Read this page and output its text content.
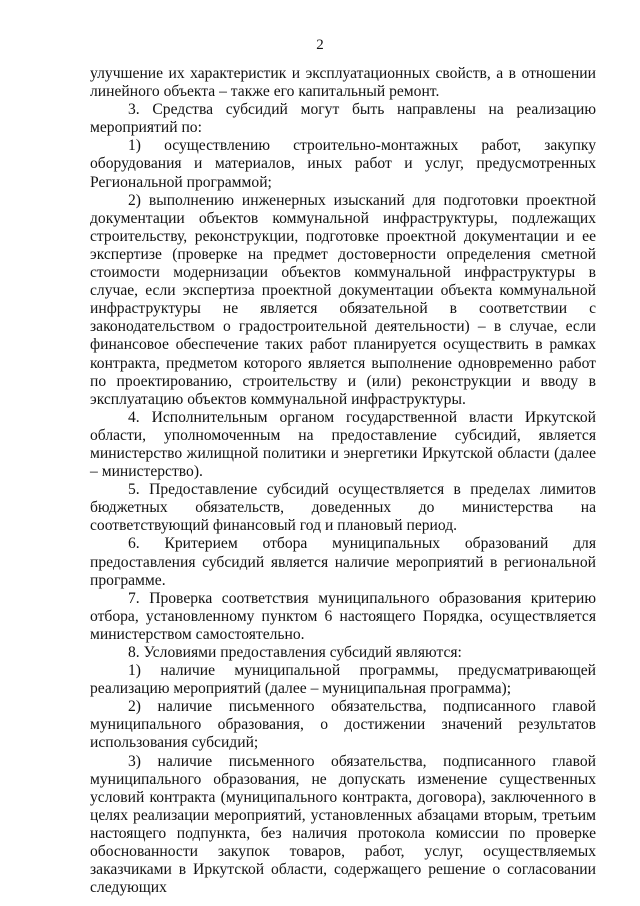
2

улучшение их характеристик и эксплуатационных свойств, а в отношении линейного объекта – также его капитальный ремонт.

3. Средства субсидий могут быть направлены на реализацию мероприятий по:

1) осуществлению строительно-монтажных работ, закупку оборудования и материалов, иных работ и услуг, предусмотренных Региональной программой;

2) выполнению инженерных изысканий для подготовки проектной документации объектов коммунальной инфраструктуры, подлежащих строительству, реконструкции, подготовке проектной документации и ее экспертизе (проверке на предмет достоверности определения сметной стоимости модернизации объектов коммунальной инфраструктуры в случае, если экспертиза проектной документации объекта коммунальной инфраструктуры не является обязательной в соответствии с законодательством о градостроительной деятельности) – в случае, если финансовое обеспечение таких работ планируется осуществить в рамках контракта, предметом которого является выполнение одновременно работ по проектированию, строительству и (или) реконструкции и вводу в эксплуатацию объектов коммунальной инфраструктуры.

4. Исполнительным органом государственной власти Иркутской области, уполномоченным на предоставление субсидий, является министерство жилищной политики и энергетики Иркутской области (далее – министерство).

5. Предоставление субсидий осуществляется в пределах лимитов бюджетных обязательств, доведенных до министерства на соответствующий финансовый год и плановый период.

6. Критерием отбора муниципальных образований для предоставления субсидий является наличие мероприятий в региональной программе.

7. Проверка соответствия муниципального образования критерию отбора, установленному пунктом 6 настоящего Порядка, осуществляется министерством самостоятельно.

8. Условиями предоставления субсидий являются:

1) наличие муниципальной программы, предусматривающей реализацию мероприятий (далее – муниципальная программа);

2) наличие письменного обязательства, подписанного главой муниципального образования, о достижении значений результатов использования субсидий;

3) наличие письменного обязательства, подписанного главой муниципального образования, не допускать изменение существенных условий контракта (муниципального контракта, договора), заключенного в целях реализации мероприятий, установленных абзацами вторым, третьим настоящего подпункта, без наличия протокола комиссии по проверке обоснованности закупок товаров, работ, услуг, осуществляемых заказчиками в Иркутской области, содержащего решение о согласовании следующих
